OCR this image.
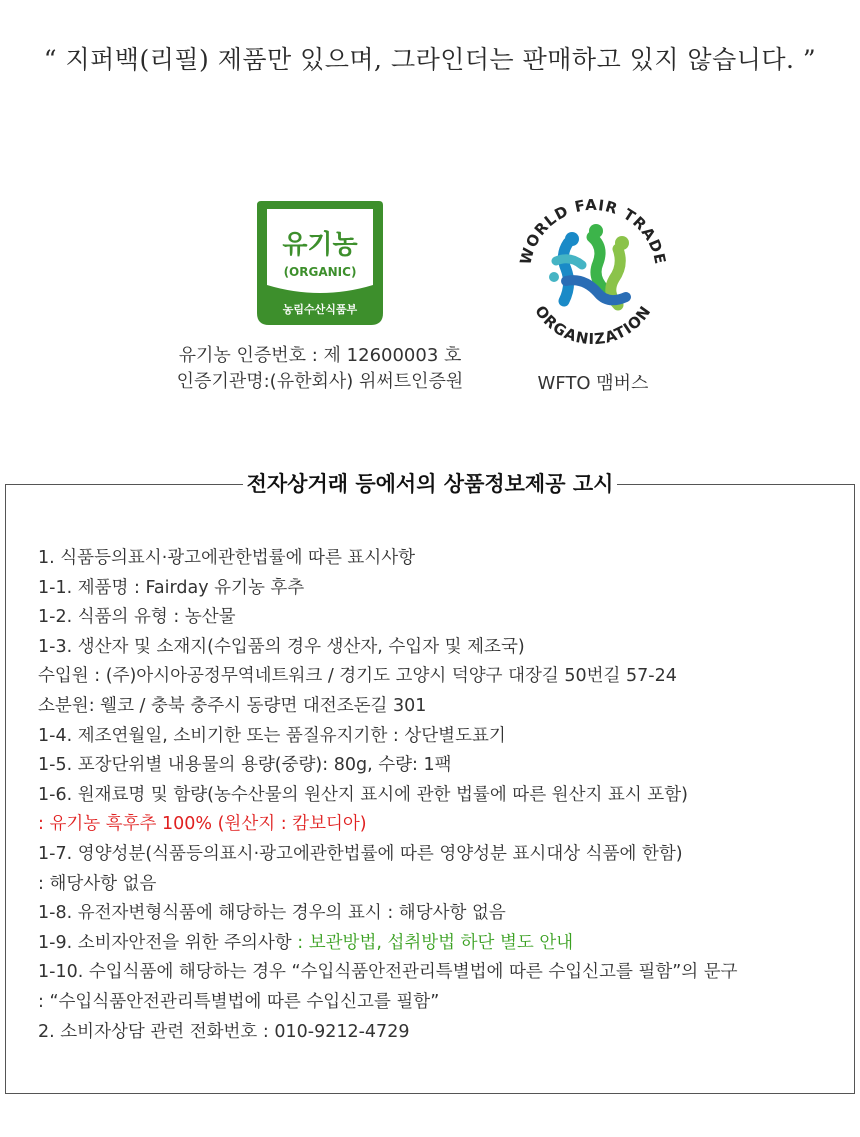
“ 지퍼백(리필) 제품만 있으며, 그라인더는 판매하고 있지 않습니다. ”
유기농
(ORGANIC)
농림수산식품부
유기농 인증번호 : 제 12600003 호
인증기관명:(유한회사) 위써트인증원
WORLD FAIR TRADE
ORGANIZATION
WFTO 맴버스
전자상거래 등에서의 상품정보제공 고시
1. 식품등의표시·광고에관한법률에 따른 표시사항
1-1. 제품명 : Fairday 유기농 후추
1-2. 식품의 유형 : 농산물
1-3. 생산자 및 소재지(수입품의 경우 생산자, 수입자 및 제조국)
수입원 : (주)아시아공정무역네트워크 / 경기도 고양시 덕양구 대장길 50번길 57-24
소분원: 웰코 / 충북 충주시 동량면 대전조돈길 301
1-4. 제조연월일, 소비기한 또는 품질유지기한 : 상단별도표기
1-5. 포장단위별 내용물의 용량(중량): 80g, 수량: 1팩
1-6. 원재료명 및 함량(농수산물의 원산지 표시에 관한 법률에 따른 원산지 표시 포함)
: 유기농 흑후추 100% (원산지 : 캄보디아)
1-7. 영양성분(식품등의표시·광고에관한법률에 따른 영양성분 표시대상 식품에 한함)
: 해당사항 없음
1-8. 유전자변형식품에 해당하는 경우의 표시 : 해당사항 없음
1-9. 소비자안전을 위한 주의사항 : 보관방법, 섭취방법 하단 별도 안내
1-10. 수입식품에 해당하는 경우 “수입식품안전관리특별법에 따른 수입신고를 필함”의 문구
: “수입식품안전관리특별법에 따른 수입신고를 필함”
2. 소비자상담 관련 전화번호 : 010-9212-4729
